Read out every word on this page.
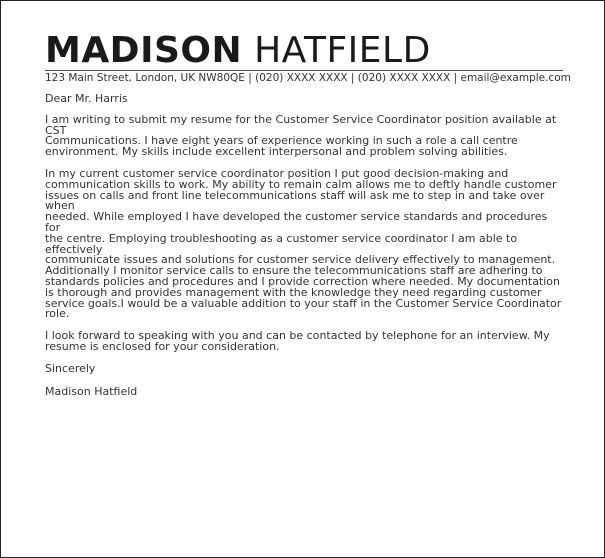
MADISON HATFIELD
123 Main Street, London, UK NW80QE | (020) XXXX XXXX | (020) XXXX XXXX | email@example.com

Dear Mr. Harris

I am writing to submit my resume for the Customer Service Coordinator position available at CST
Communications. I have eight years of experience working in such a role a call centre
environment. My skills include excellent interpersonal and problem solving abilities.

In my current customer service coordinator position I put good decision-making and
communication skills to work. My ability to remain calm allows me to deftly handle customer
issues on calls and front line telecommunications staff will ask me to step in and take over when
needed. While employed I have developed the customer service standards and procedures for
the centre. Employing troubleshooting as a customer service coordinator I am able to effectively
communicate issues and solutions for customer service delivery effectively to management.
Additionally I monitor service calls to ensure the telecommunications staff are adhering to
standards policies and procedures and I provide correction where needed. My documentation
is thorough and provides management with the knowledge they need regarding customer
service goals.I would be a valuable addition to your staff in the Customer Service Coordinator
role.

I look forward to speaking with you and can be contacted by telephone for an interview. My
resume is enclosed for your consideration.

Sincerely

Madison Hatfield
